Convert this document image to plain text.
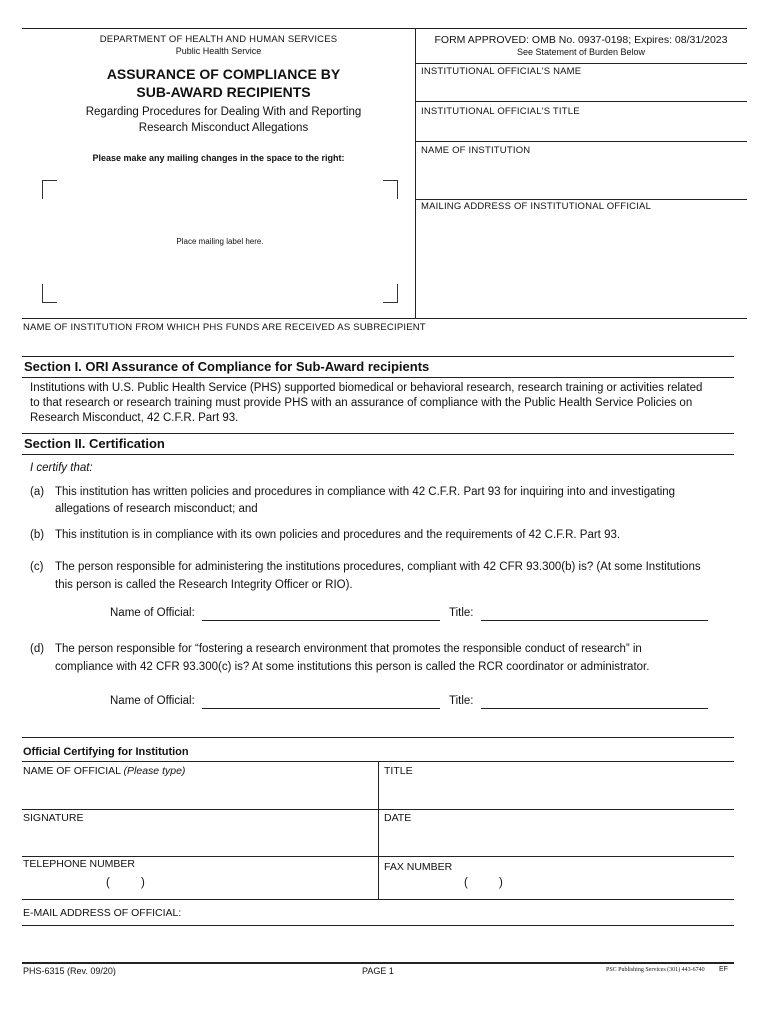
DEPARTMENT OF HEALTH AND HUMAN SERVICES
Public Health Service
ASSURANCE OF COMPLIANCE BY
SUB-AWARD RECIPIENTS
Regarding Procedures for Dealing With and Reporting
Research Misconduct Allegations
Please make any mailing changes in the space to the right:
Place mailing label here.
FORM APPROVED: OMB No. 0937-0198; Expires: 08/31/2023
See Statement of Burden Below
INSTITUTIONAL OFFICIAL'S NAME
INSTITUTIONAL OFFICIAL'S TITLE
NAME OF INSTITUTION
MAILING ADDRESS OF INSTITUTIONAL OFFICIAL
NAME OF INSTITUTION FROM WHICH PHS FUNDS ARE RECEIVED AS SUBRECIPIENT
Section I. ORI Assurance of Compliance for Sub-Award recipients
Institutions with U.S. Public Health Service (PHS) supported biomedical or behavioral research, research training or activities related
to that research or research training must provide PHS with an assurance of compliance with the Public Health Service Policies on
Research Misconduct, 42 C.F.R. Part 93.
Section II. Certification
I certify that:
(a) This institution has written policies and procedures in compliance with 42 C.F.R. Part 93 for inquiring into and investigating
allegations of research misconduct; and
(b) This institution is in compliance with its own policies and procedures and the requirements of 42 C.F.R. Part 93.
(c) The person responsible for administering the institutions procedures, compliant with 42 CFR 93.300(b) is? (At some Institutions
this person is called the Research Integrity Officer or RIO).
Name of Official:	Title:
(d) The person responsible for “fostering a research environment that promotes the responsible conduct of research” in
compliance with 42 CFR 93.300(c) is? At some institutions this person is called the RCR coordinator or administrator.
Name of Official:	Title:
Official Certifying for Institution
NAME OF OFFICIAL (Please type)	TITLE
SIGNATURE	DATE
TELEPHONE NUMBER
(	)
FAX NUMBER
(	)
E-MAIL ADDRESS OF OFFICIAL:
PHS-6315 (Rev. 09/20)	PAGE 1	PSC Publishing Services (301) 443-6740 EF
